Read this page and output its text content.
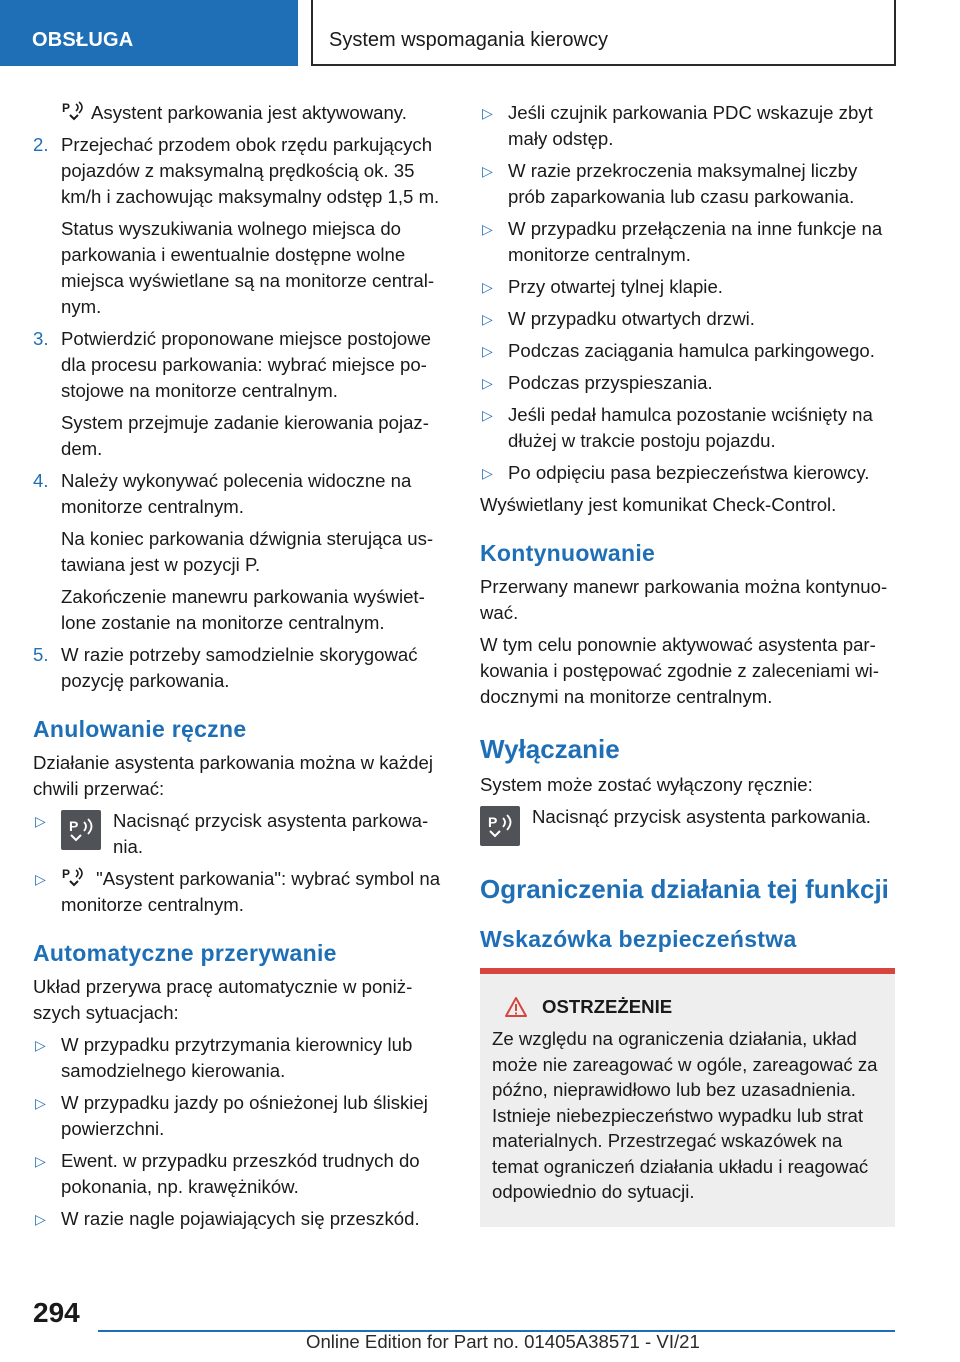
OBSŁUGA	System wspomagania kierowcy
P Asystent parkowania jest aktywowany.
2. Przejechać przodem obok rzędu parkujących pojazdów z maksymalną prędkością ok. 35 km/h i zachowując maksymalny odstęp 1,5 m.
Status wyszukiwania wolnego miejsca do parkowania i ewentualnie dostępne wolne miejsca wyświetlane są na monitorze centralnym.
3. Potwierdzić proponowane miejsce postojowe dla procesu parkowania: wybrać miejsce postojowe na monitorze centralnym.
System przejmuje zadanie kierowania pojazdem.
4. Należy wykonywać polecenia widoczne na monitorze centralnym.
Na koniec parkowania dźwignia sterująca ustawiana jest w pozycji P.
Zakończenie manewru parkowania wyświetlone zostanie na monitorze centralnym.
5. W razie potrzeby samodzielnie skorygować pozycję parkowania.
Anulowanie ręczne
Działanie asystenta parkowania można w każdej chwili przerwać:
▷	P Nacisnąć przycisk asystenta parkowania.
▷	P "Asystent parkowania": wybrać symbol na monitorze centralnym.
Automatyczne przerywanie
Układ przerywa pracę automatycznie w poniższych sytuacjach:
▷ W przypadku przytrzymania kierownicy lub samodzielnego kierowania.
▷ W przypadku jazdy po ośnieżonej lub śliskiej powierzchni.
▷ Ewent. w przypadku przeszkód trudnych do pokonania, np. krawężników.
▷ W razie nagle pojawiających się przeszkód.
▷ Jeśli czujnik parkowania PDC wskazuje zbyt mały odstęp.
▷ W razie przekroczenia maksymalnej liczby prób zaparkowania lub czasu parkowania.
▷ W przypadku przełączenia na inne funkcje na monitorze centralnym.
▷ Przy otwartej tylnej klapie.
▷ W przypadku otwartych drzwi.
▷ Podczas zaciągania hamulca parkingowego.
▷ Podczas przyspieszania.
▷ Jeśli pedał hamulca pozostanie wciśnięty na dłużej w trakcie postoju pojazdu.
▷ Po odpięciu pasa bezpieczeństwa kierowcy.
Wyświetlany jest komunikat Check-Control.
Kontynuowanie
Przerwany manewr parkowania można kontynuować.
W tym celu ponownie aktywować asystenta parkowania i postępować zgodnie z zaleceniami widocznymi na monitorze centralnym.
Wyłączanie
System może zostać wyłączony ręcznie:
P Nacisnąć przycisk asystenta parkowania.
Ograniczenia działania tej funkcji
Wskazówka bezpieczeństwa
OSTRZEŻENIE
Ze względu na ograniczenia działania, układ może nie zareagować w ogóle, zareagować za późno, nieprawidłowo lub bez uzasadnienia. Istnieje niebezpieczeństwo wypadku lub strat materialnych. Przestrzegać wskazówek na temat ograniczeń działania układu i reagować odpowiednio do sytuacji.
294
Online Edition for Part no. 01405A38571 - VI/21
